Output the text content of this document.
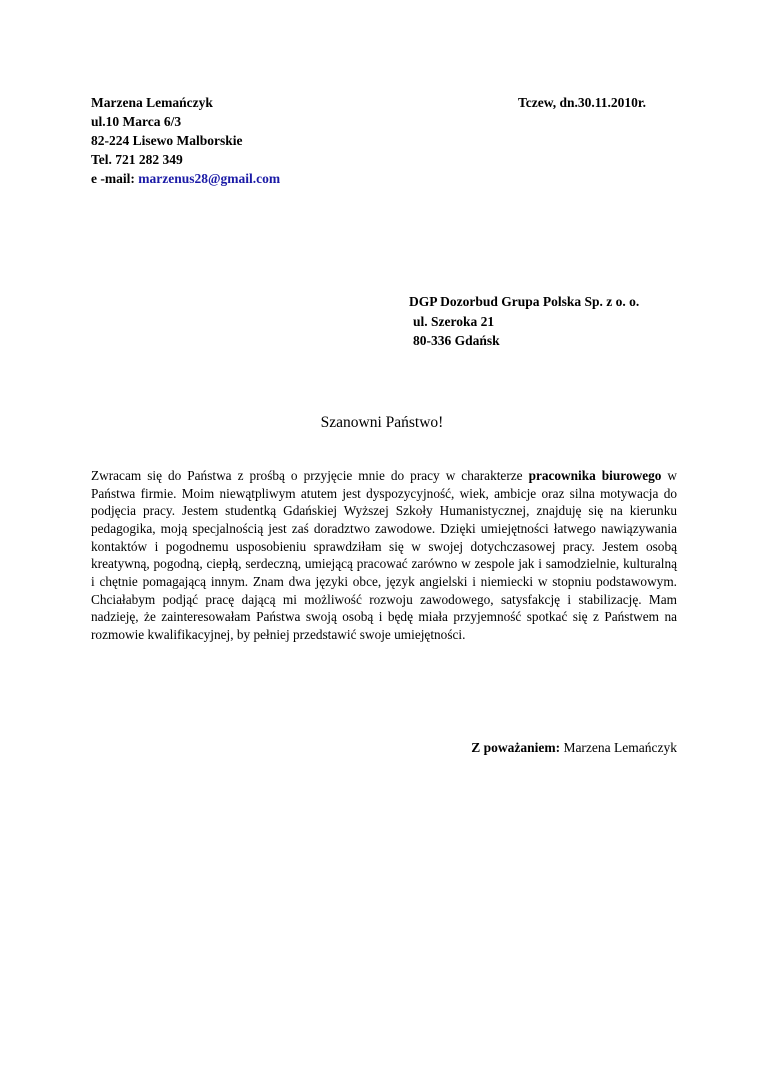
Marzena Lemańczyk
ul.10 Marca 6/3
82-224 Lisewo Malborskie
Tel. 721 282 349
e -mail: marzenus28@gmail.com
Tczew, dn.30.11.2010r.
DGP Dozorbud Grupa Polska Sp. z o. o.
ul. Szeroka 21
80-336 Gdańsk
Szanowni Państwo!

Zwracam się do Państwa z prośbą o przyjęcie mnie do pracy w charakterze pracownika biurowego w Państwa firmie. Moim niewątpliwym atutem jest dyspozycyjność, wiek, ambicje oraz silna motywacja do podjęcia pracy. Jestem studentką Gdańskiej Wyższej Szkoły Humanistycznej, znajduję się na kierunku pedagogika, moją specjalnością jest zaś doradztwo zawodowe. Dzięki umiejętności łatwego nawiązywania kontaktów i pogodnemu usposobieniu sprawdziłam się w swojej dotychczasowej pracy. Jestem osobą kreatywną, pogodną, ciepłą, serdeczną, umiejącą pracować zarówno w zespole jak i samodzielnie, kulturalną i chętnie pomagającą innym. Znam dwa języki obce, język angielski i niemiecki w stopniu podstawowym. Chciałabym podjąć pracę dającą mi możliwość rozwoju zawodowego, satysfakcję i stabilizację. Mam nadzieję, że zainteresowałam Państwa swoją osobą i będę miała przyjemność spotkać się z Państwem na rozmowie kwalifikacyjnej, by pełniej przedstawić swoje umiejętności.

Z poważaniem: Marzena Lemańczyk
